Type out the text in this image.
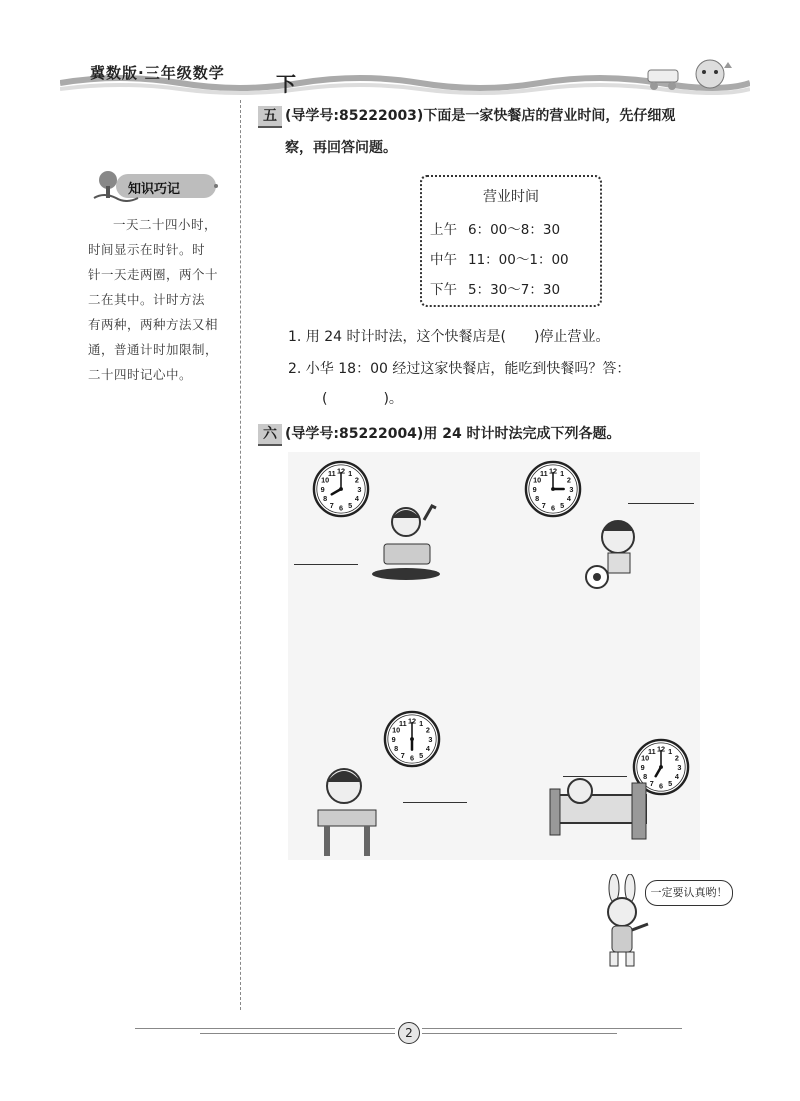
冀数版·三年级数学	下
知识巧记
一天二十四小时，
时间显示在时针。时
针一天走两圈，两个十
二在其中。计时方法
有两种，两种方法又相
通，普通计时加限制，
二十四时记心中。
五 (导学号:85222003)下面是一家快餐店的营业时间，先仔细观
察，再回答问题。
营业时间
上午 6：00～8：30
中午 11：00～1：00
下午 5：30～7：30
1. 用 24 时计时法，这个快餐店是(　　)停止营业。
2. 小华 18：00 经过这家快餐店，能吃到快餐吗？答：
(　　　　)。
六 (导学号:85222004)用 24 时计时法完成下列各题。
1
2
3
4
5
6
7
8
9
10
11 12	1
2
3
4
5
6
7
8
9
10
11 12
1
2
3
4
5
6
7
8
9
10
11 12
1
2
3
4
5
6
7
8
9
10
11 12
一定要认真哟！
2
